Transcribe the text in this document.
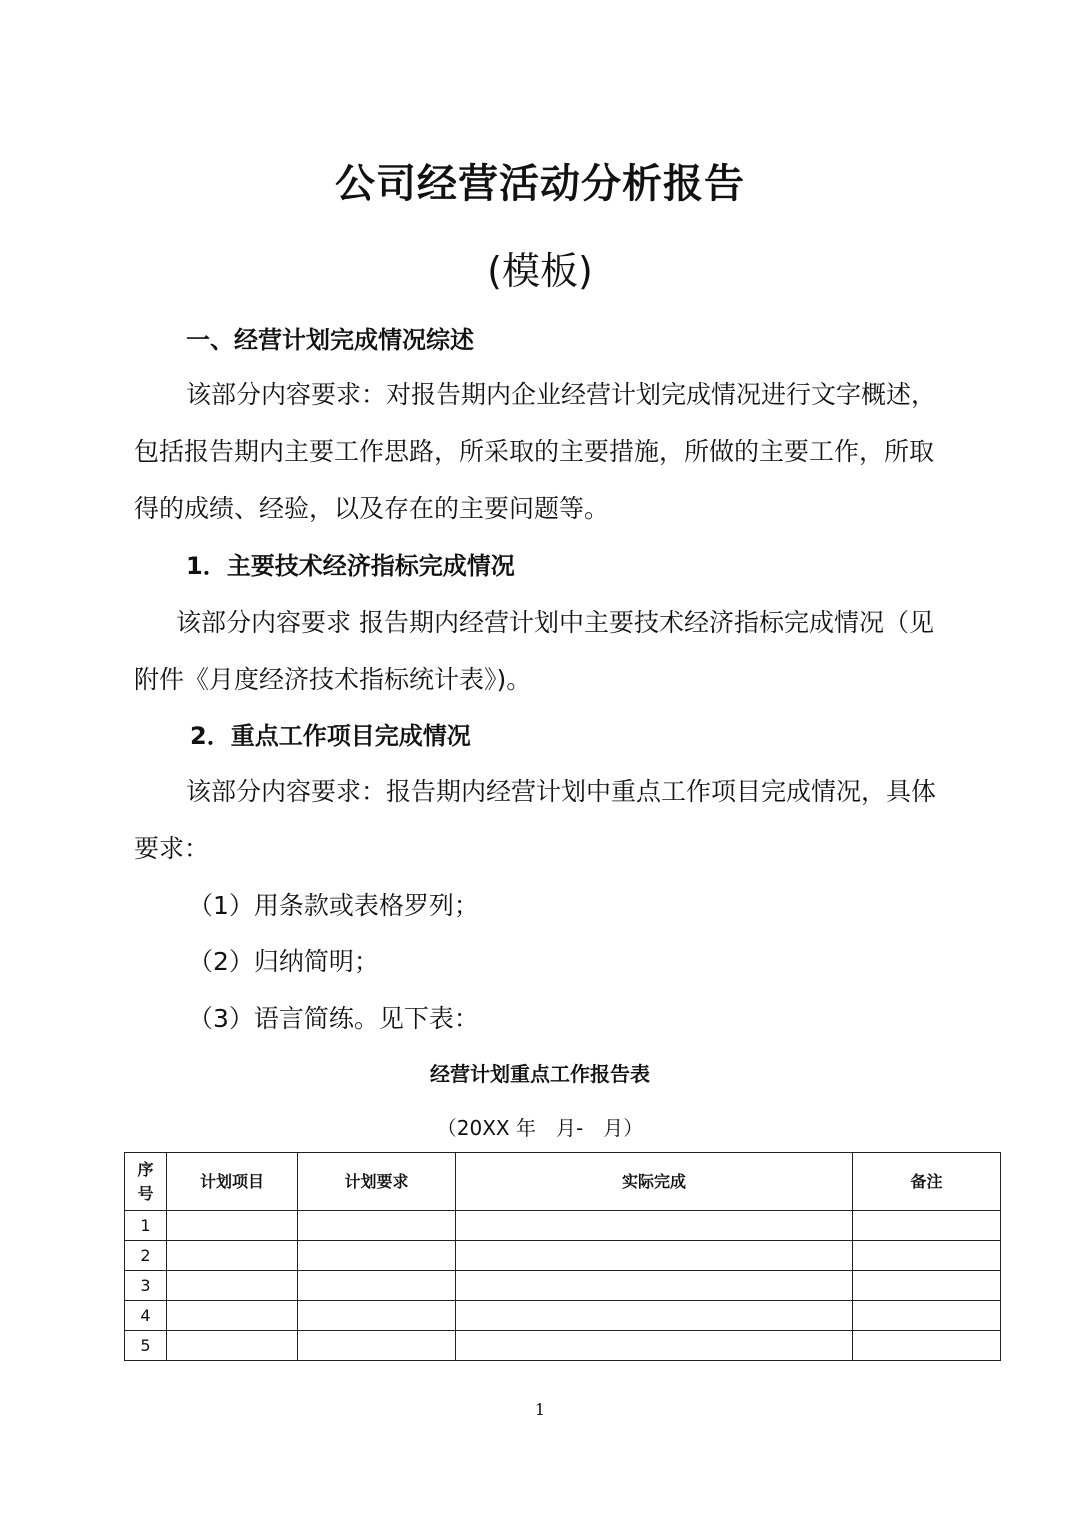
公司经营活动分析报告
(模板)
一、经营计划完成情况综述
该部分内容要求：对报告期内企业经营计划完成情况进行文字概述，
包括报告期内主要工作思路，所采取的主要措施，所做的主要工作，所取
得的成绩、经验，以及存在的主要问题等。
1．主要技术经济指标完成情况
该部分内容要求 报告期内经营计划中主要技术经济指标完成情况（见
附件《月度经济技术指标统计表》)。
2．重点工作项目完成情况
该部分内容要求：报告期内经营计划中重点工作项目完成情况，具体
要求：
（1）用条款或表格罗列；
（2）归纳简明；
（3）语言简练。见下表：
经营计划重点工作报告表
（20XX 年　月-　月）
序号	计划项目	计划要求	实际完成	备注
1				
2				
3				
4				
5				
1
